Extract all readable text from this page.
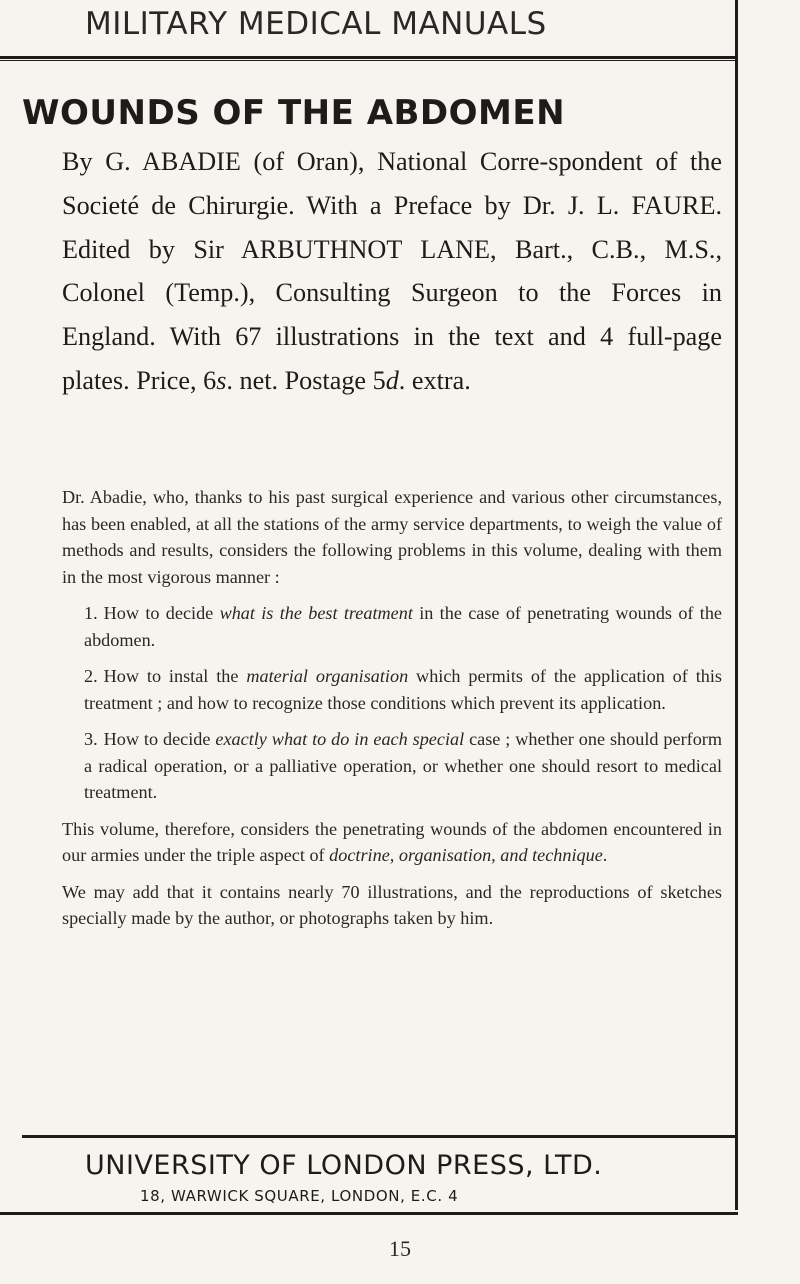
MILITARY MEDICAL MANUALS
WOUNDS OF THE ABDOMEN
By G. ABADIE (of Oran), National Corre-spondent of the Societé de Chirurgie. With a Preface by Dr. J. L. FAURE. Edited by Sir ARBUTHNOT LANE, Bart., C.B., M.S., Colonel (Temp.), Consulting Surgeon to the Forces in England. With 67 illustrations in the text and 4 full-page plates. Price, 6s. net. Postage 5d. extra.

Dr. Abadie, who, thanks to his past surgical experience and various other circumstances, has been enabled, at all the stations of the army service departments, to weigh the value of methods and results, considers the following problems in this volume, dealing with them in the most vigorous manner :

1. How to decide what is the best treatment in the case of penetrating wounds of the abdomen.

2. How to instal the material organisation which permits of the application of this treatment ; and how to recognize those conditions which prevent its application.

3. How to decide exactly what to do in each special case ; whether one should perform a radical operation, or a palliative operation, or whether one should resort to medical treatment.

This volume, therefore, considers the penetrating wounds of the abdomen encountered in our armies under the triple aspect of doctrine, organisation, and technique.

We may add that it contains nearly 70 illustrations, and the reproductions of sketches specially made by the author, or photographs taken by him.

UNIVERSITY OF LONDON PRESS, LTD.
18, WARWICK SQUARE, LONDON, E.C. 4
15
